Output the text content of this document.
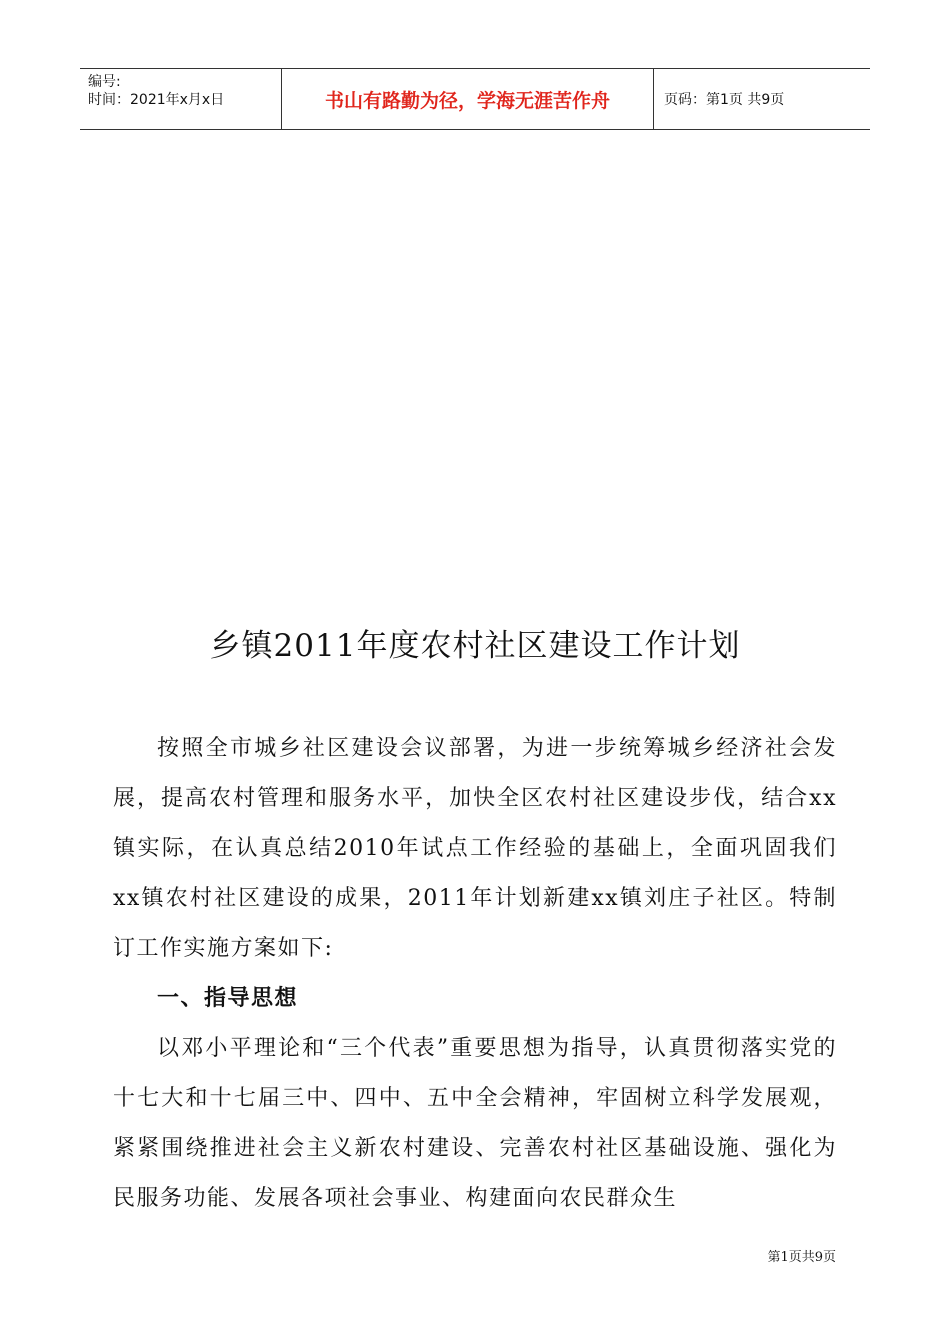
编号:
时间：2021年x月x日	书山有路勤为径，学海无涯苦作舟	页码：第1页 共9页
乡镇2011年度农村社区建设工作计划

按照全市城乡社区建设会议部署，为进一步统筹城乡经济社会发展，提高农村管理和服务水平，加快全区农村社区建设步伐，结合xx镇实际，在认真总结2010年试点工作经验的基础上，全面巩固我们xx镇农村社区建设的成果，2011年计划新建xx镇刘庄子社区。特制订工作实施方案如下:

一、指导思想

以邓小平理论和“三个代表”重要思想为指导，认真贯彻落实党的十七大和十七届三中、四中、五中全会精神，牢固树立科学发展观，紧紧围绕推进社会主义新农村建设、完善农村社区基础设施、强化为民服务功能、发展各项社会事业、构建面向农民群众生

第1页共9页
